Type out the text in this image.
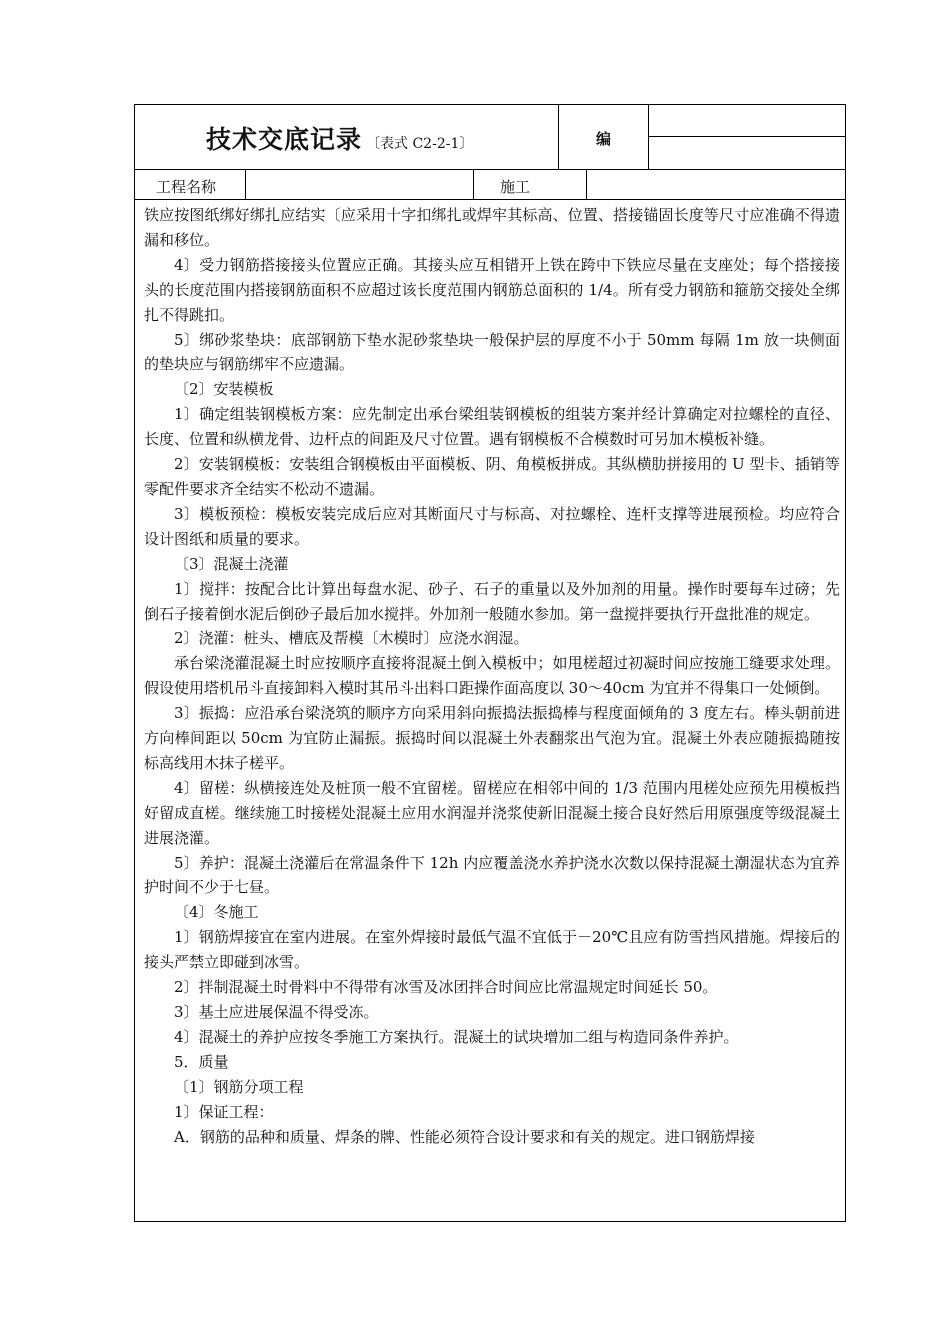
技术交底记录 〔表式 C2-2-1〕	编
工程名称	施工

铁应按图纸绑好绑扎应结实〔应采用十字扣绑扎或焊牢其标高、位置、搭接锚固长度等尺寸应准确不得遗漏和移位。

4〕受力钢筋搭接接头位置应正确。其接头应互相错开上铁在跨中下铁应尽量在支座处；每个搭接接头的长度范围内搭接钢筋面积不应超过该长度范围内钢筋总面积的 1/4。所有受力钢筋和箍筋交接处全绑扎不得跳扣。

5〕绑砂浆垫块：底部钢筋下垫水泥砂浆垫块一般保护层的厚度不小于 50mm 每隔 1m 放一块侧面的垫块应与钢筋绑牢不应遗漏。

〔2〕安装模板

1〕确定组装钢模板方案：应先制定出承台梁组装钢模板的组装方案并经计算确定对拉螺栓的直径、长度、位置和纵横龙骨、边杆点的间距及尺寸位置。遇有钢模板不合模数时可另加木模板补缝。

2〕安装钢模板：安装组合钢模板由平面模板、阴、角模板拼成。其纵横肋拼接用的 U 型卡、插销等零配件要求齐全结实不松动不遗漏。

3〕模板预检：模板安装完成后应对其断面尺寸与标高、对拉螺栓、连杆支撑等进展预检。均应符合设计图纸和质量的要求。

〔3〕混凝土浇灌

1〕搅拌：按配合比计算出每盘水泥、砂子、石子的重量以及外加剂的用量。操作时要每车过磅；先倒石子接着倒水泥后倒砂子最后加水搅拌。外加剂一般随水参加。第一盘搅拌要执行开盘批准的规定。

2〕浇灌：桩头、槽底及帮模〔木模时〕应浇水润湿。

承台梁浇灌混凝土时应按顺序直接将混凝土倒入模板中；如甩槎超过初凝时间应按施工缝要求处理。假设使用塔机吊斗直接卸料入模时其吊斗出料口距操作面高度以 30～40cm 为宜并不得集口一处倾倒。

3〕振捣：应沿承台梁浇筑的顺序方向采用斜向振捣法振捣棒与程度面倾角的 3 度左右。棒头朝前进方向棒间距以 50cm 为宜防止漏振。振捣时间以混凝土外表翻浆出气泡为宜。混凝土外表应随振捣随按标高线用木抹子槎平。

4〕留槎：纵横接连处及桩顶一般不宜留槎。留槎应在相邻中间的 1/3 范围内甩槎处应预先用模板挡好留成直槎。继续施工时接槎处混凝土应用水润湿并浇浆使新旧混凝土接合良好然后用原强度等级混凝土进展浇灌。

5〕养护：混凝土浇灌后在常温条件下 12h 内应覆盖浇水养护浇水次数以保持混凝土潮湿状态为宜养护时间不少于七昼。

〔4〕冬施工

1〕钢筋焊接宜在室内进展。在室外焊接时最低气温不宜低于－20℃且应有防雪挡风措施。焊接后的接头严禁立即碰到冰雪。

2〕拌制混凝土时骨料中不得带有冰雪及冰团拌合时间应比常温规定时间延长 50。

3〕基土应进展保温不得受冻。

4〕混凝土的养护应按冬季施工方案执行。混凝土的试块增加二组与构造同条件养护。

5．质量

〔1〕钢筋分项工程

1〕保证工程：

A．钢筋的品种和质量、焊条的牌、性能必须符合设计要求和有关的规定。进口钢筋焊接
